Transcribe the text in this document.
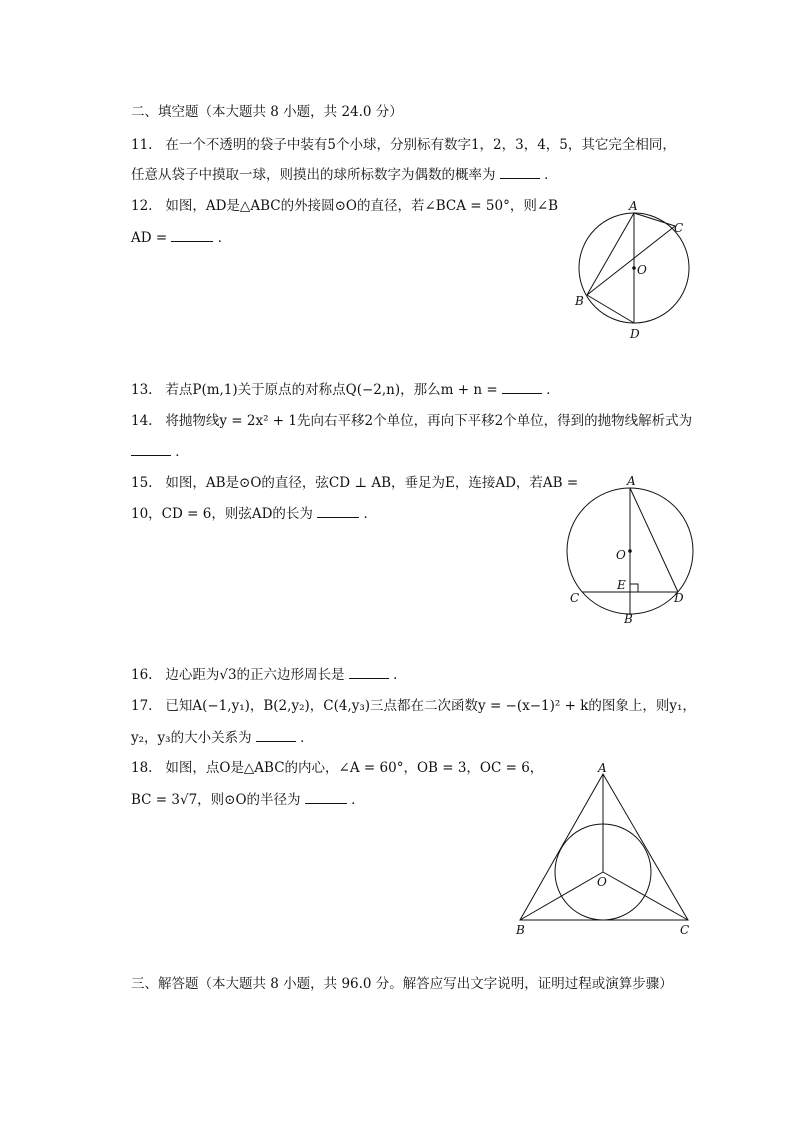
二、填空题（本大题共 8 小题，共 24.0 分）
11. 在一个不透明的袋子中装有5个小球，分别标有数字1，2，3，4，5，其它完全相同，
任意从袋子中摸取一球，则摸出的球所标数字为偶数的概率为	．
12. 如图，AD是△ABC的外接圆⊙O的直径，若∠BCA = 50°，则∠B
AD =	．
A
C
O
B
D
13. 若点P(m,1)关于原点的对称点Q(−2,n)，那么m + n =	．
14. 将抛物线y = 2x² + 1先向右平移2个单位，再向下平移2个单位，得到的抛物线解析式为
．
15. 如图，AB是⊙O的直径，弦CD ⊥ AB，垂足为E，连接AD，若AB =
10，CD = 6，则弦AD的长为	．
A
O
E
C	D
B
16. 边心距为√3的正六边形周长是	．
17. 已知A(−1,y₁)，B(2,y₂)，C(4,y₃)三点都在二次函数y = −(x−1)² + k的图象上，则y₁，
y₂，y₃的大小关系为	．
18. 如图，点O是△ABC的内心，∠A = 60°，OB = 3，OC = 6，
BC = 3√7，则⊙O的半径为	．
A
O
B	C
三、解答题（本大题共 8 小题，共 96.0 分。解答应写出文字说明，证明过程或演算步骤）
